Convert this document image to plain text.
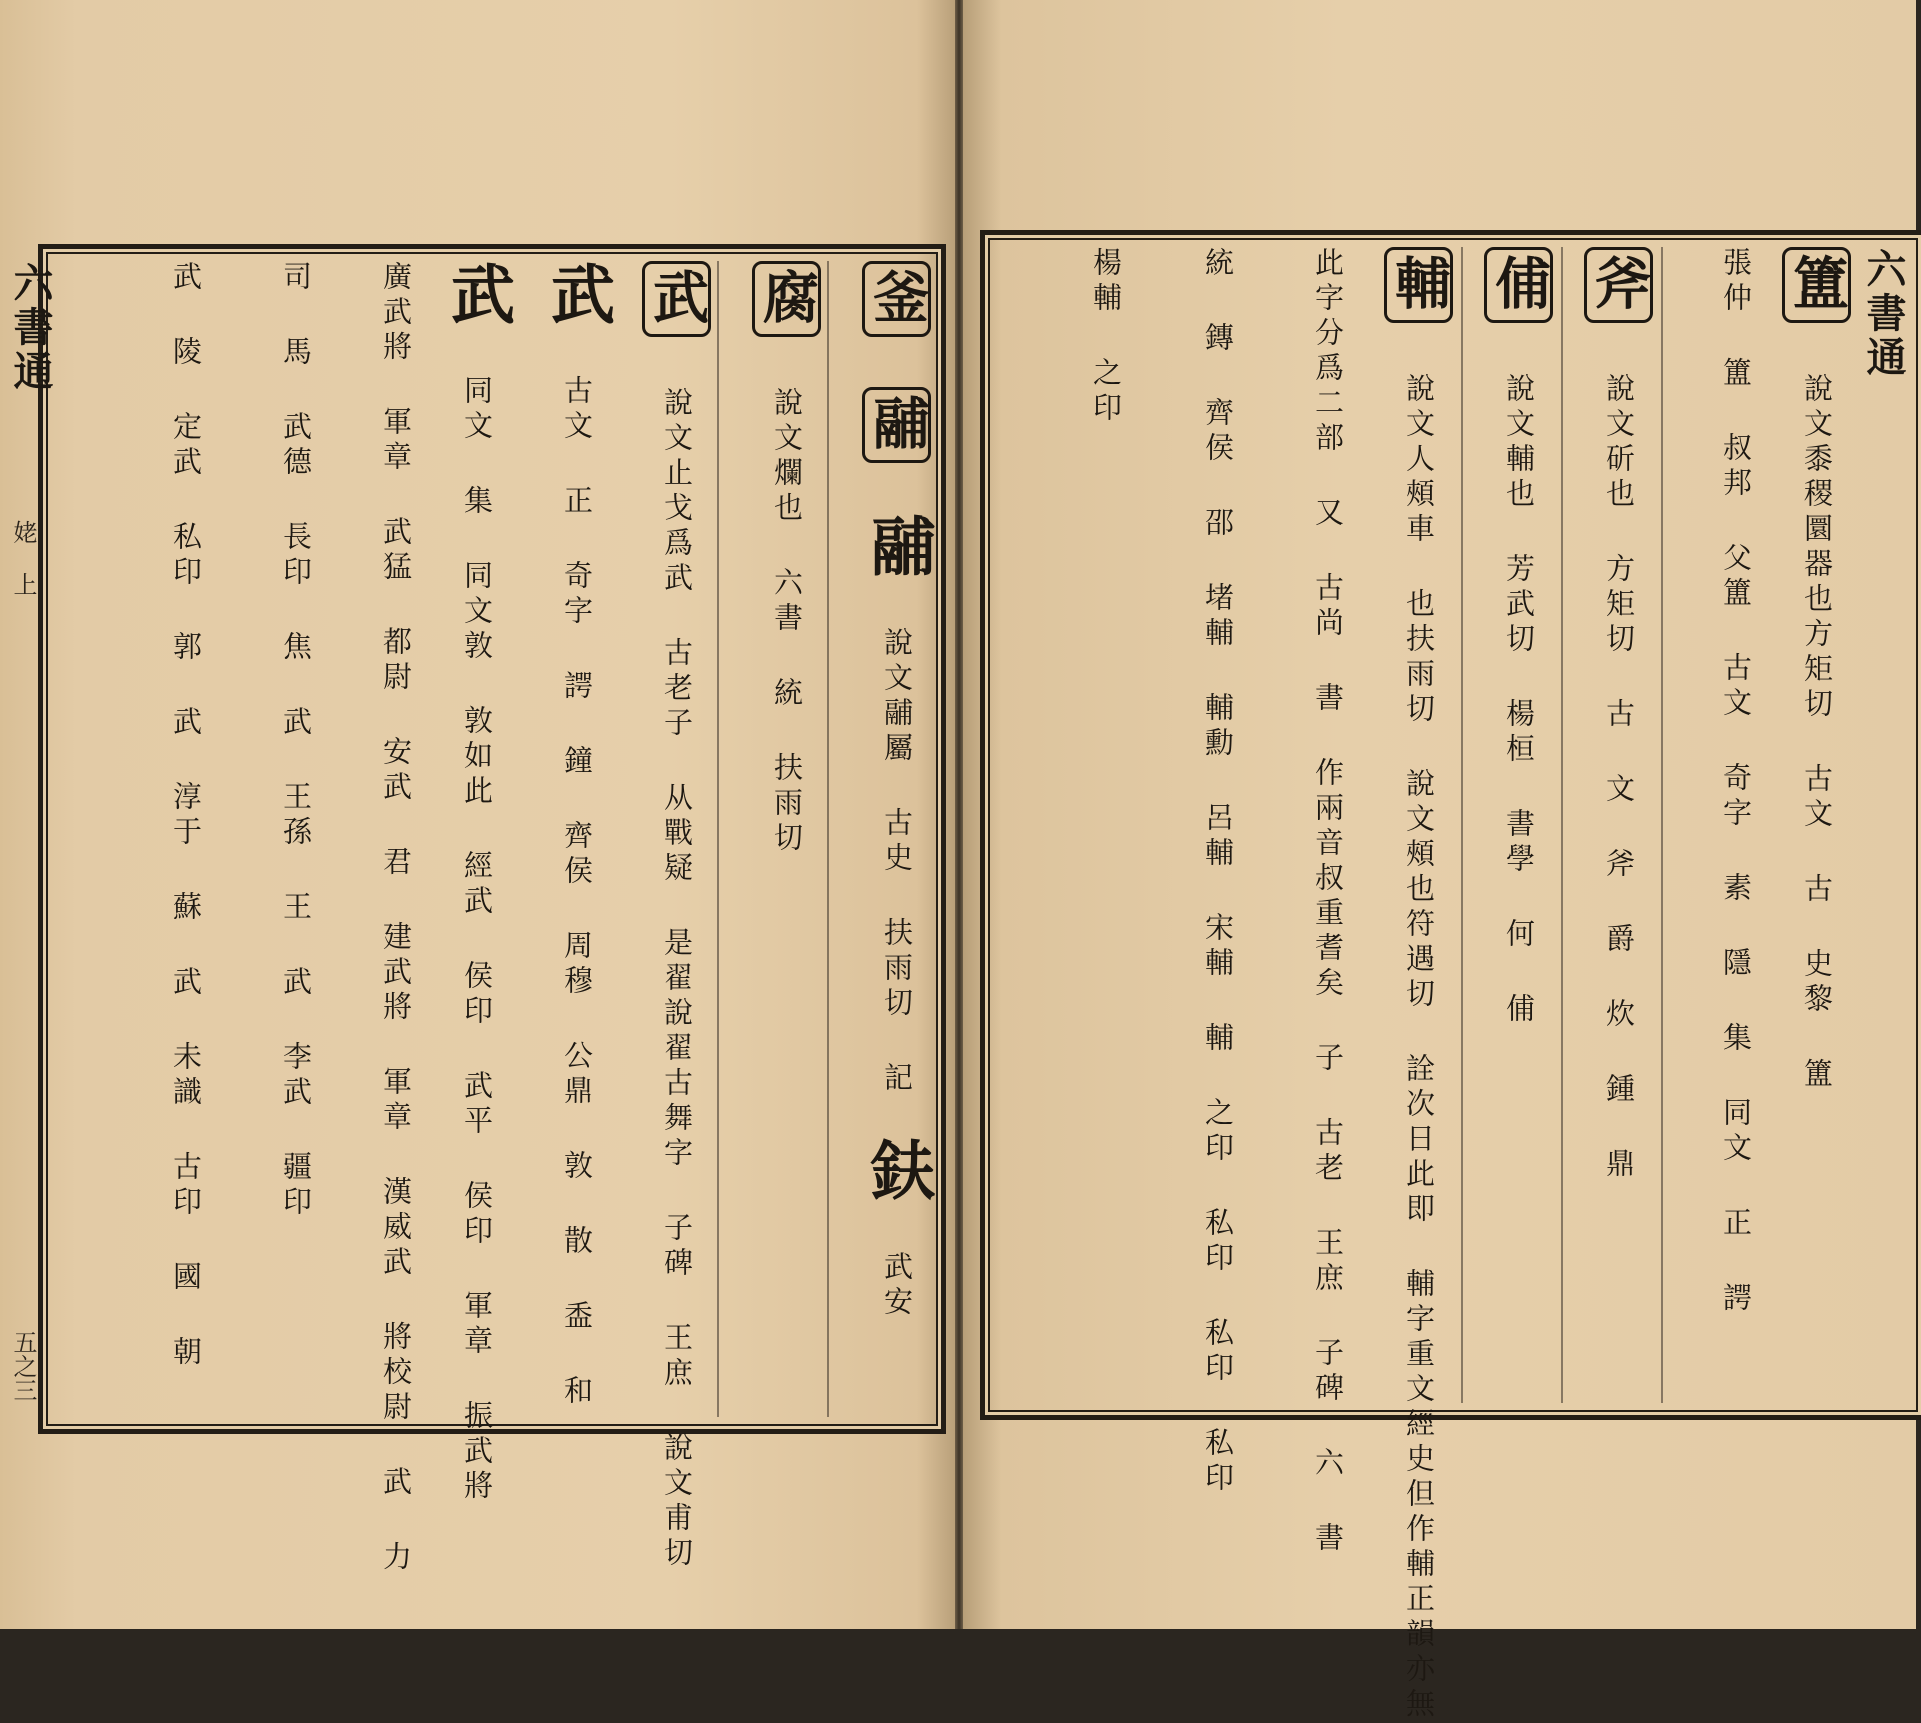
釜 鬴 鬴 說文鬴屬 古史 扶雨切 記 鈇 武安
腐 說文爛也 六書 統 扶雨切
武 說文止戈爲武 古老子 从戰疑 是翟說翟古舞字 子碑 王庶 說文甫切
武 古文 正 奇字 諤 鐘 齊侯 周穆 公鼎 敦 散 盉 和
武 同文 集 同文敦 敦如此 經武 侯印 武平 侯印 軍章 振武將
廣武將 軍章 武猛 都尉 安武 君 建武將 軍章 漢威武 將校尉 武 力
司 馬 武德 長印 焦 武 王孫 王 武 李武 疆印
武 陵 定武 私印 郭 武 淳于 蘇 武 未識 古印 國 朝
六書通
姥 上
五之三
簠 說文黍稷圜器也方矩切 古文 古 史黎 簠
張仲 簠 叔邦 父簠 古文 奇字 素 隱 集 同文 正 諤
斧 說文斫也 方矩切 古 文 斧 爵 炊 鍾 鼎
俌 說文輔也 芳武切 楊桓 書學 何 俌
輔 說文人頰車 也扶雨切 說文頰也符遇切 詮次日此即 輔字重文經史但作輔正韻亦無
此字分爲二部 又 古尚 書 作兩音叔重耆矣 子 古老 王庶 子碑 六 書
統 鏄 齊侯 邵 堵輔 輔勳 呂輔 宋輔 輔 之印 私印 私印 私印
楊輔 之印
六書通
